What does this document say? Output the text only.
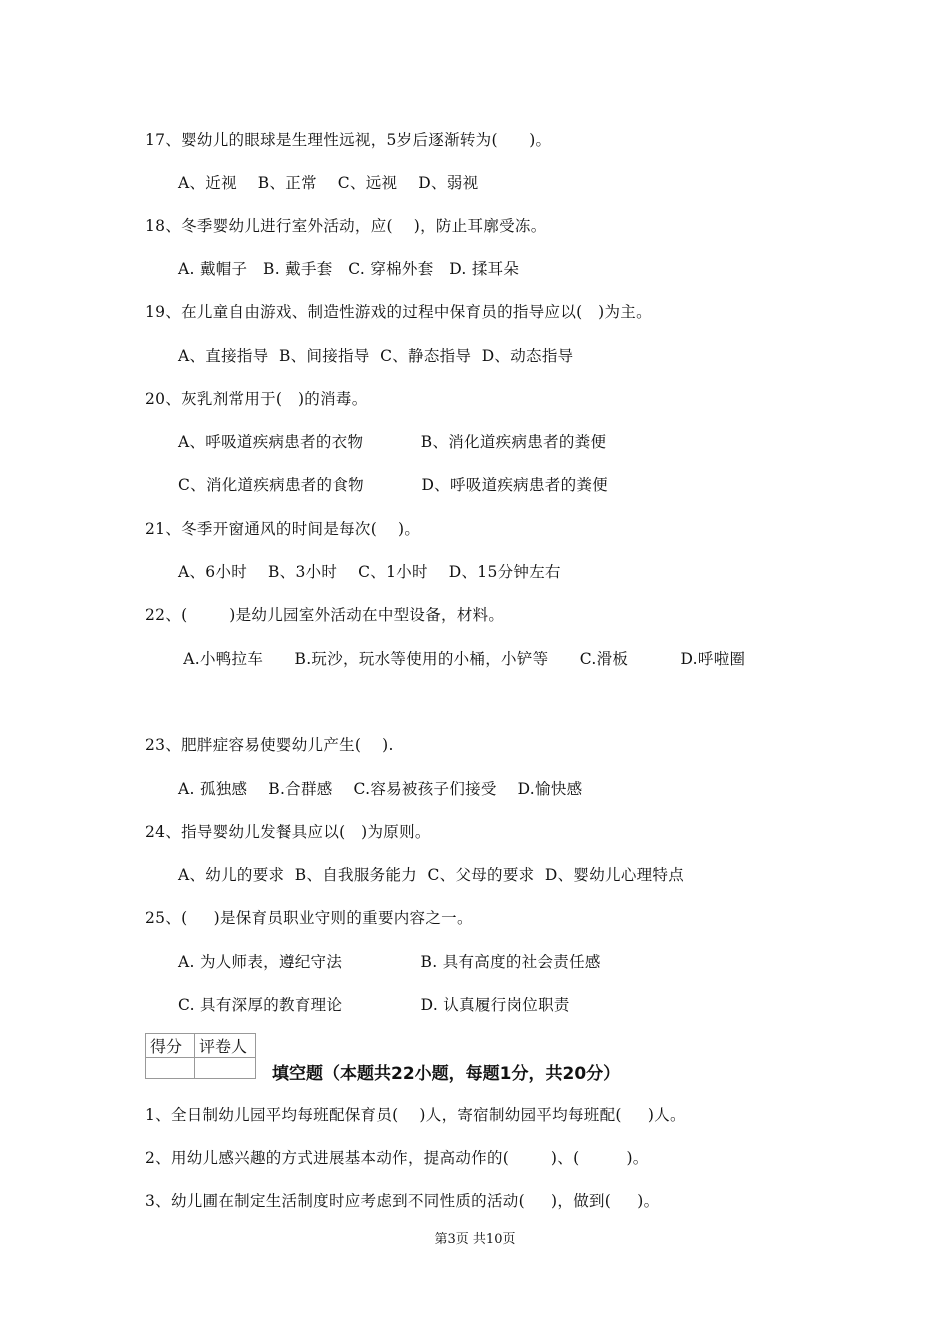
17、婴幼儿的眼球是生理性远视，5岁后逐渐转为(      )。
A、近视    B、正常    C、远视    D、弱视
18、冬季婴幼儿进行室外活动，应(    )，防止耳廓受冻。
A. 戴帽子   B. 戴手套   C. 穿棉外套   D. 揉耳朵
19、在儿童自由游戏、制造性游戏的过程中保育员的指导应以(   )为主。
A、直接指导  B、间接指导  C、静态指导  D、动态指导
20、灰乳剂常用于(   )的消毒。
A、呼吸道疾病患者的衣物           B、消化道疾病患者的粪便
C、消化道疾病患者的食物           D、呼吸道疾病患者的粪便
21、冬季开窗通风的时间是每次(    )。
A、6小时    B、3小时    C、1小时    D、15分钟左右
22、(        )是幼儿园室外活动在中型设备，材料。
A.小鸭拉车      B.玩沙，玩水等使用的小桶，小铲等      C.滑板          D.呼啦圈
23、肥胖症容易使婴幼儿产生(    ).
A. 孤独感    B.合群感    C.容易被孩子们接受    D.愉快感
24、指导婴幼儿发餐具应以(   )为原则。
A、幼儿的要求  B、自我服务能力  C、父母的要求  D、婴幼儿心理特点
25、(     )是保育员职业守则的重要内容之一。
A. 为人师表，遵纪守法               B. 具有高度的社会责任感
C. 具有深厚的教育理论               D. 认真履行岗位职责
得分	评卷人

填空题（本题共22小题，每题1分，共20分）
1、全日制幼儿园平均每班配保育员(    )人，寄宿制幼园平均每班配(     )人。
2、用幼儿感兴趣的方式进展基本动作，提高动作的(        )、(         )。
3、幼儿圃在制定生活制度时应考虑到不同性质的活动(     )，做到(     )。
第3页 共10页
